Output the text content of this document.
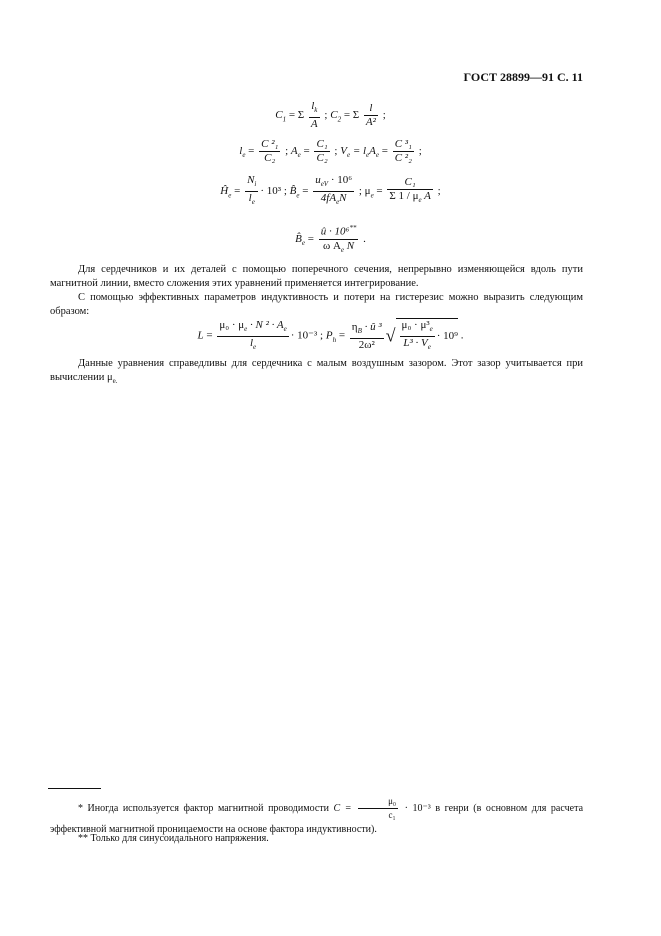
ГОСТ 28899—91 С. 11
$C_1 = \Sigma \frac{l_k}{A}$ ; $C_2 = \Sigma \frac{l}{\text{A²}}$ ;
$l_e = \frac{\text{C ²₁}}{\text{C₂}}$ ; $A_e = \frac{\text{C₁}}{\text{C₂}}$ ; $V_e = l_eA_e = \frac{\text{C ³₁}}{\text{C ²₂}}$ ;
$Ĥ_e = \frac{N_i}{l_e} \cdot 10^3$ ; $B̂_e$ =
$u_{eV} \cdot 10^6$
$4fA_eN$
; $\mu_e = \frac{\text{C₁}}{\Sigma 1 / \mu_e A}$ ;
$B̂_e = \frac{û \cdot 10^6^{**}}{\omega A_e N}$ .
Для сердечников и их деталей с помощью поперечного сечения, непрерывно изменяющейся вдоль пути магнитной линии, вместо сложения этих уравнений применяется интегрирование.
С помощью эффективных параметров индуктивность и потери на гистерезис можно выразить следующим образом:
$L = \frac{\mu_0 \cdot \mu_e \cdot N ^2 \cdot A_e}{l_e} \cdot 10^{-3}$ ; $P_h = \frac{\eta_B \cdot û ^3}{\text{2ω²}}$ √ $\frac{\mu_0 \cdot \mu^3_e}{L^3 \cdot V_e} \cdot 10^9$ .
Данные уравнения справедливы для сердечника с малым воздушным зазором. Этот зазор учитывается при вычислении $\mu_{e.}$
* Иногда используется фактор магнитной проводимости $C = \frac{\text{μ₀}}{\text{c₁}} \cdot 10^{-3}$ в генри (в основном для расчета эффективной магнитной проницаемости на основе фактора индуктивности).
** Только для синусоидального напряжения.
